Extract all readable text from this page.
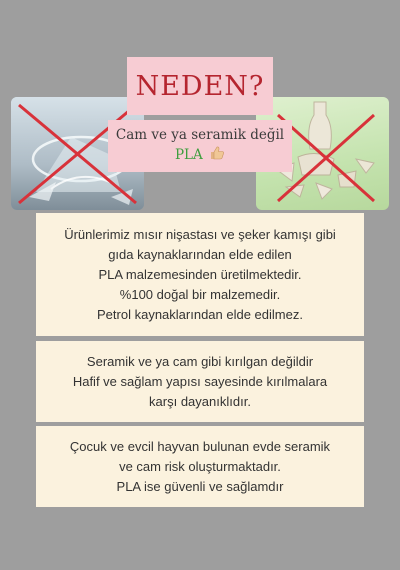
NEDEN?
Cam ve ya seramik değil
PLA
Ürünlerimiz mısır nişastası ve şeker kamışı gibi
gıda kaynaklarından elde edilen
PLA malzemesinden üretilmektedir.
%100 doğal bir malzemedir.
Petrol kaynaklarından elde edilmez.
Seramik ve ya cam gibi kırılgan değildir
Hafif ve sağlam yapısı sayesinde kırılmalara
karşı dayanıklıdır.
Çocuk ve evcil hayvan bulunan evde seramik
ve cam risk oluşturmaktadır.
PLA ise güvenli ve sağlamdır
